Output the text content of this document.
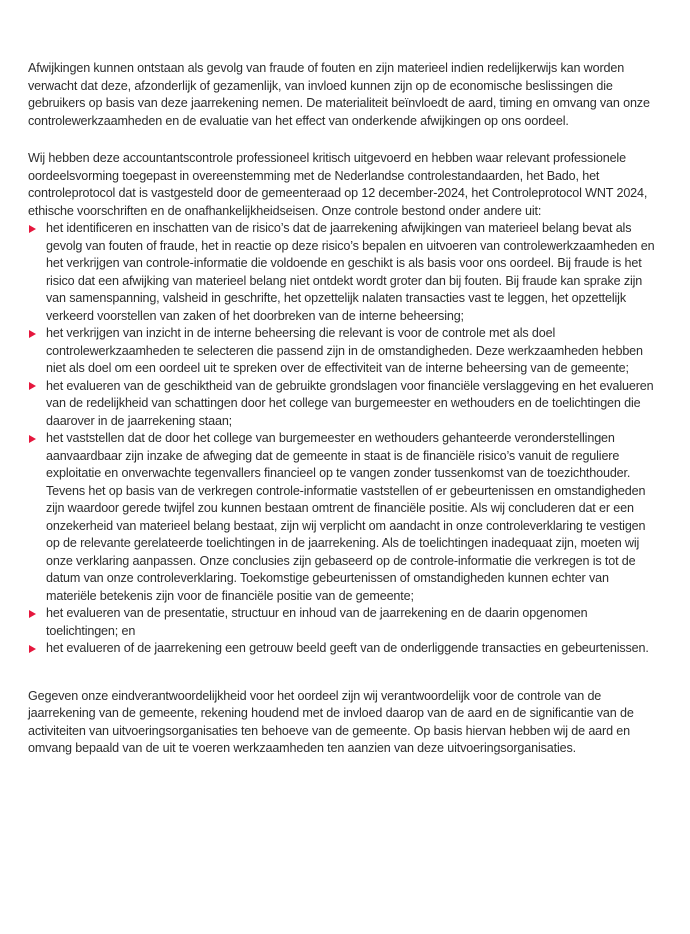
Afwijkingen kunnen ontstaan als gevolg van fraude of fouten en zijn materieel indien redelijkerwijs kan worden verwacht dat deze, afzonderlijk of gezamenlijk, van invloed kunnen zijn op de economische beslissingen die gebruikers op basis van deze jaarrekening nemen. De materialiteit beïnvloedt de aard, timing en omvang van onze controlewerkzaamheden en de evaluatie van het effect van onderkende afwijkingen op ons oordeel.

Wij hebben deze accountantscontrole professioneel kritisch uitgevoerd en hebben waar relevant professionele oordeelsvorming toegepast in overeenstemming met de Nederlandse controlestandaarden, het Bado, het controleprotocol dat is vastgesteld door de gemeenteraad op 12 december-2024, het Controleprotocol WNT 2024, ethische voorschriften en de onafhankelijkheidseisen. Onze controle bestond onder andere uit:

het identificeren en inschatten van de risico’s dat de jaarrekening afwijkingen van materieel belang bevat als gevolg van fouten of fraude, het in reactie op deze risico’s bepalen en uitvoeren van controlewerkzaamheden en het verkrijgen van controle-informatie die voldoende en geschikt is als basis voor ons oordeel. Bij fraude is het risico dat een afwijking van materieel belang niet ontdekt wordt groter dan bij fouten. Bij fraude kan sprake zijn van samenspanning, valsheid in geschrifte, het opzettelijk nalaten transacties vast te leggen, het opzettelijk verkeerd voorstellen van zaken of het doorbreken van de interne beheersing;
het verkrijgen van inzicht in de interne beheersing die relevant is voor de controle met als doel controlewerkzaamheden te selecteren die passend zijn in de omstandigheden. Deze werkzaamheden hebben niet als doel om een oordeel uit te spreken over de effectiviteit van de interne beheersing van de gemeente;
het evalueren van de geschiktheid van de gebruikte grondslagen voor financiële verslaggeving en het evalueren van de redelijkheid van schattingen door het college van burgemeester en wethouders en de toelichtingen die daarover in de jaarrekening staan;
het vaststellen dat de door het college van burgemeester en wethouders gehanteerde veronderstellingen aanvaardbaar zijn inzake de afweging dat de gemeente in staat is de financiële risico’s vanuit de reguliere exploitatie en onverwachte tegenvallers financieel op te vangen zonder tussenkomst van de toezichthouder. Tevens het op basis van de verkregen controle-informatie vaststellen of er gebeurtenissen en omstandigheden zijn waardoor gerede twijfel zou kunnen bestaan omtrent de financiële positie. Als wij concluderen dat er een onzekerheid van materieel belang bestaat, zijn wij verplicht om aandacht in onze controleverklaring te vestigen op de relevante gerelateerde toelichtingen in de jaarrekening. Als de toelichtingen inadequaat zijn, moeten wij onze verklaring aanpassen. Onze conclusies zijn gebaseerd op de controle-informatie die verkregen is tot de datum van onze controleverklaring. Toekomstige gebeurtenissen of omstandigheden kunnen echter van materiële betekenis zijn voor de financiële positie van de gemeente;
het evalueren van de presentatie, structuur en inhoud van de jaarrekening en de daarin opgenomen toelichtingen; en
het evalueren of de jaarrekening een getrouw beeld geeft van de onderliggende transacties en gebeurtenissen.

Gegeven onze eindverantwoordelijkheid voor het oordeel zijn wij verantwoordelijk voor de controle van de jaarrekening van de gemeente, rekening houdend met de invloed daarop van de aard en de significantie van de activiteiten van uitvoeringsorganisaties ten behoeve van de gemeente. Op basis hiervan hebben wij de aard en omvang bepaald van de uit te voeren werkzaamheden ten aanzien van deze uitvoeringsorganisaties.
